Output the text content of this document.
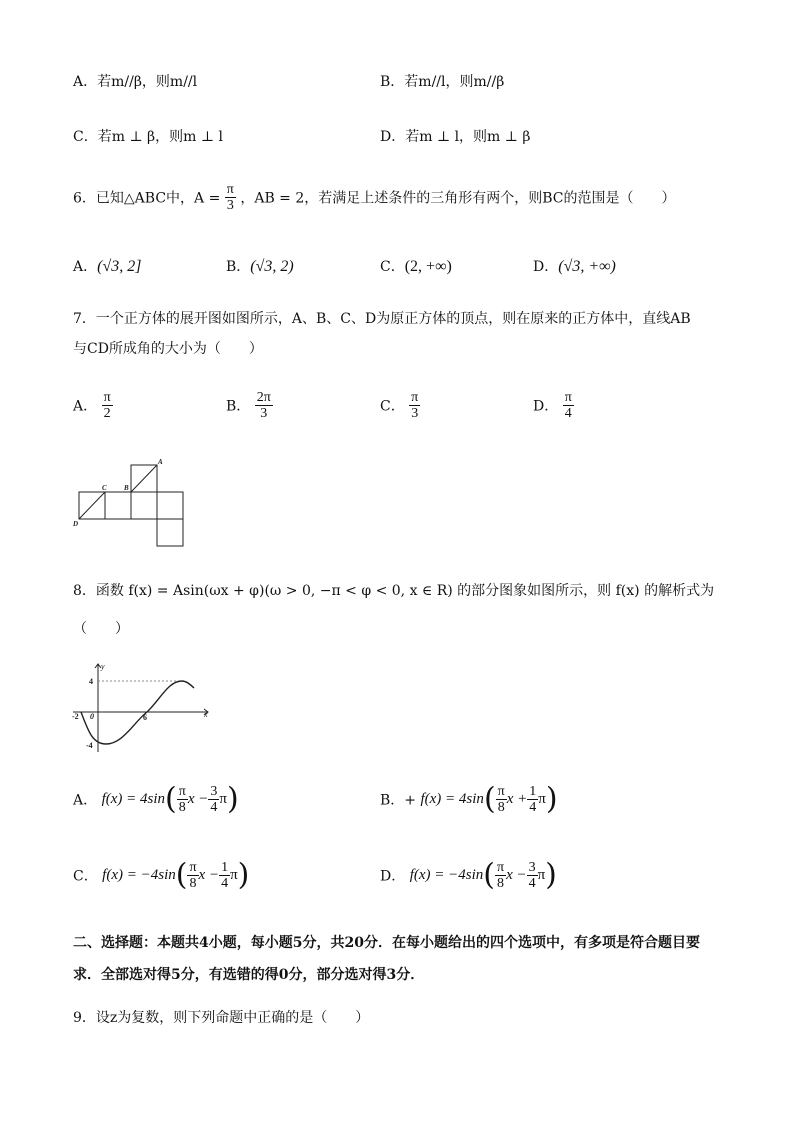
A．若m//β，则m//l	B．若m//l，则m//β
C．若m ⊥ β，则m ⊥ l	D．若m ⊥ l，则m ⊥ β
6．已知△ABC中，$A = \frac{\pi}{3}$ ，AB = 2，若满足上述条件的三角形有两个，则BC的范围是（　　）
A．(√3, 2]	B．(√3, 2)	C．(2, +∞)	D．(√3, +∞)
7．一个正方体的展开图如图所示，A、B、C、D为原正方体的顶点，则在原来的正方体中，直线AB
与CD所成角的大小为（　　）
A． $\frac{\pi}{2}$	B． $\frac{2\pi}{3}$	C． $\frac{\pi}{3}$	D． $\frac{\pi}{4}$
A
B
C
D
8．函数 f(x) = Asin(ωx + φ)(ω > 0, −π < φ < 0, x ∈ R) 的部分图象如图所示，则 f(x) 的解析式为
（　　）
y
x
4
-4
-2 0	6
A． $f(x) = 4\sin( \frac{\pi}{8}$ $x - \frac{3}{4} \pi$)	B．+ $f(x) = 4\sin( \frac{\pi}{8}$ $x + \frac{1}{4} \pi$)
C． $f(x) = -4\sin( \frac{\pi}{8}$ $x - \frac{1}{4} \pi$)	D． $f(x) = -4\sin( \frac{\pi}{8}$ $x - \frac{3}{4} \pi$)
二、选择题：本题共4小题，每小题5分，共20分．在每小题给出的四个选项中，有多项是符合题目要
求．全部选对得5分，有选错的得0分，部分选对得3分．
9．设z为复数，则下列命题中正确的是（　　）
